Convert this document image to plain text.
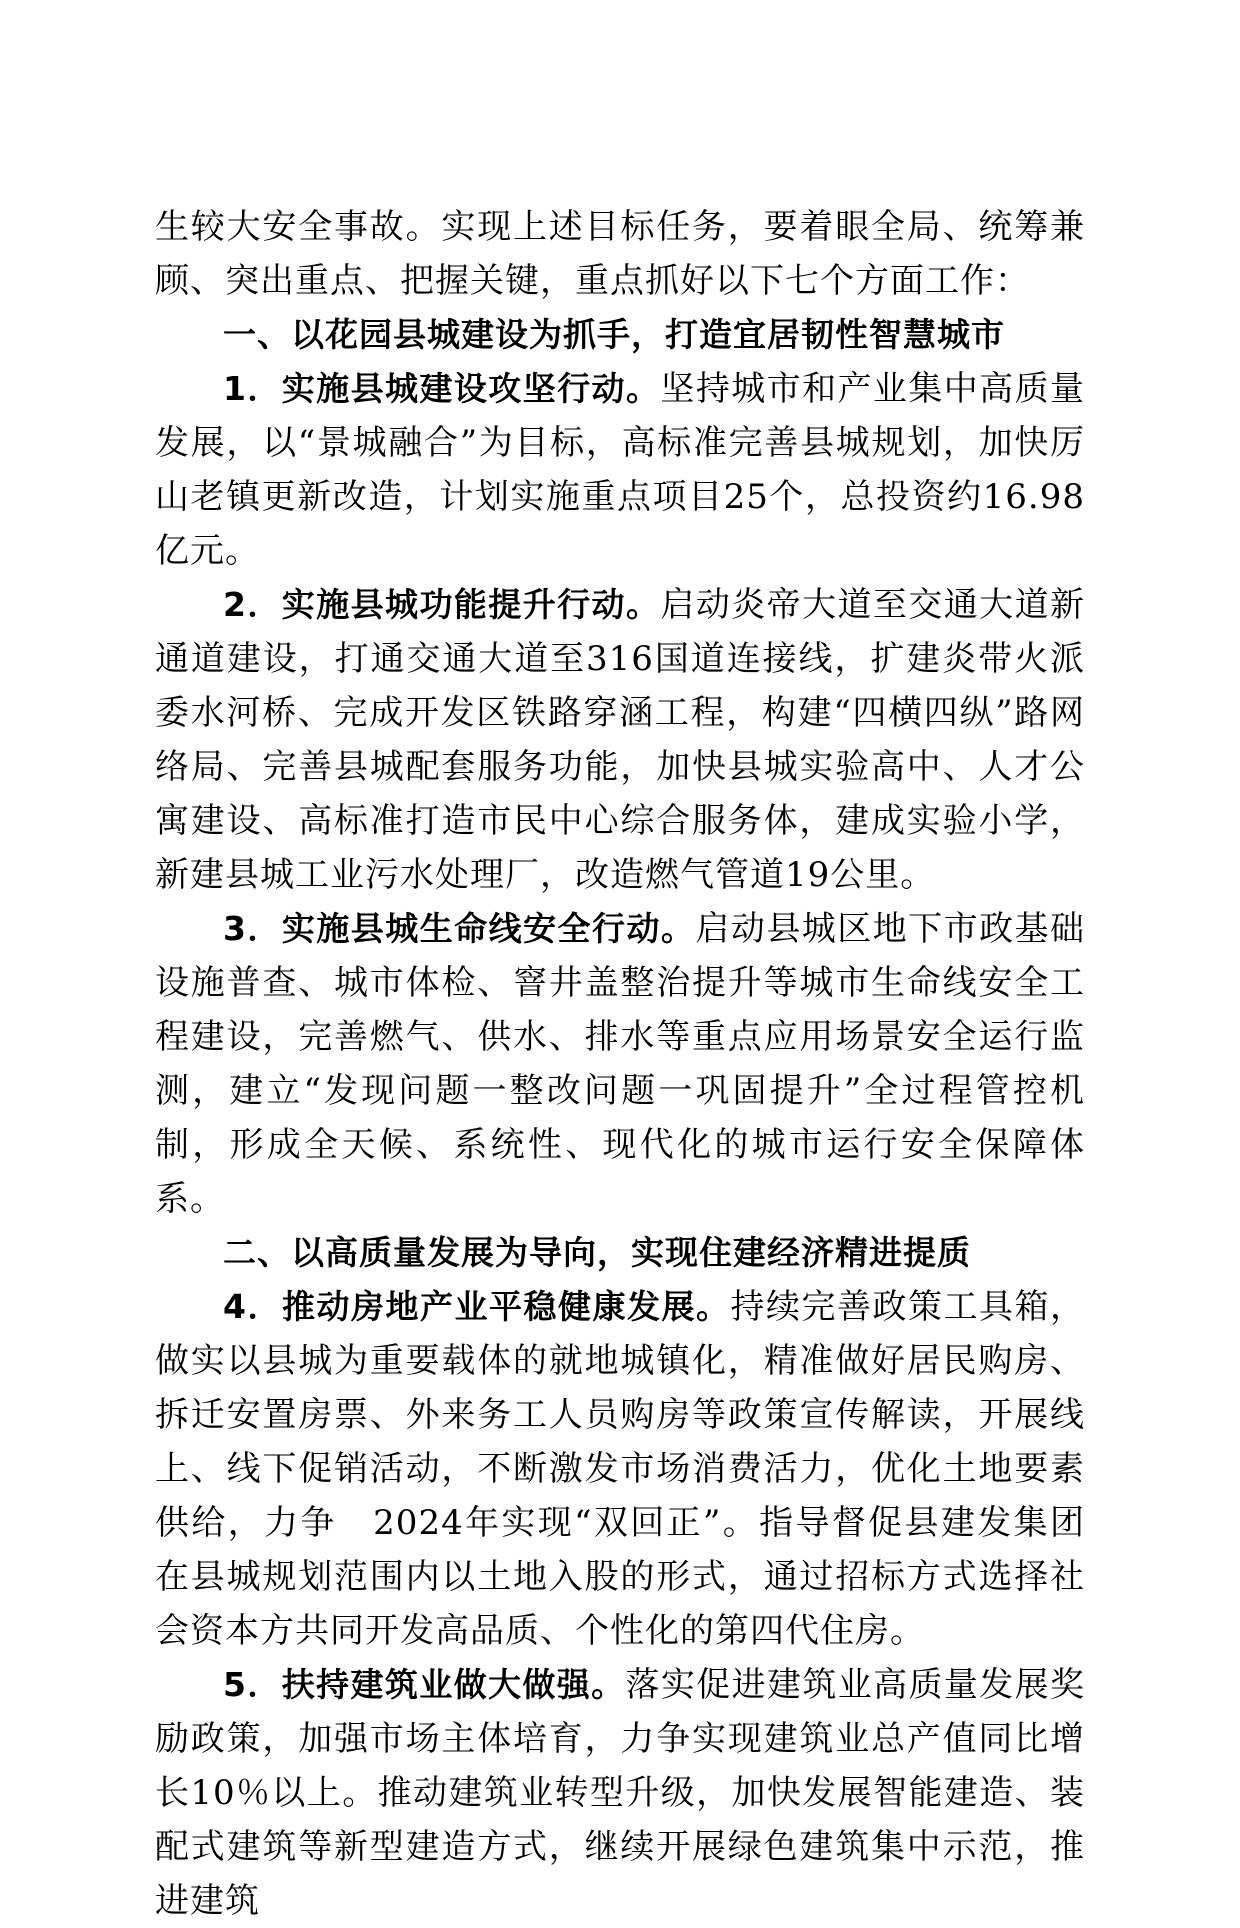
生较大安全事故。实现上述目标任务，要着眼全局、统筹兼顾、突出重点、把握关键，重点抓好以下七个方面工作：

一、以花园县城建设为抓手，打造宜居韧性智慧城市

1．实施县城建设攻坚行动。坚持城市和产业集中高质量发展，以“景城融合”为目标，高标准完善县城规划，加快厉山老镇更新改造，计划实施重点项目25个，总投资约16.98　亿元。

2．实施县城功能提升行动。启动炎帝大道至交通大道新通道建设，打通交通大道至316国道连接线，扩建炎带火派委水河桥、完成开发区铁路穿涵工程，构建“四横四纵”路网络局、完善县城配套服务功能，加快县城实验高中、人才公寓建设、高标准打造市民中心综合服务体，建成实验小学，新建县城工业污水处理厂，改造燃气管道19公里。

3．实施县城生命线安全行动。启动县城区地下市政基础设施普查、城市体检、窨井盖整治提升等城市生命线安全工程建设，完善燃气、供水、排水等重点应用场景安全运行监测，建立“发现问题一整改问题一巩固提升”全过程管控机制，形成全天候、系统性、现代化的城市运行安全保障体系。

二、以高质量发展为导向，实现住建经济精进提质

4．推动房地产业平稳健康发展。持续完善政策工具箱，做实以县城为重要载体的就地城镇化，精准做好居民购房、拆迁安置房票、外来务工人员购房等政策宣传解读，开展线上、线下促销活动，不断激发市场消费活力，优化土地要素供给，力争　2024年实现“双回正”。指导督促县建发集团在县城规划范围内以土地入股的形式，通过招标方式选择社会资本方共同开发高品质、个性化的第四代住房。

5．扶持建筑业做大做强。落实促进建筑业高质量发展奖励政策，加强市场主体培育，力争实现建筑业总产值同比增长10％以上。推动建筑业转型升级，加快发展智能建造、装配式建筑等新型建造方式，继续开展绿色建筑集中示范，推进建筑
